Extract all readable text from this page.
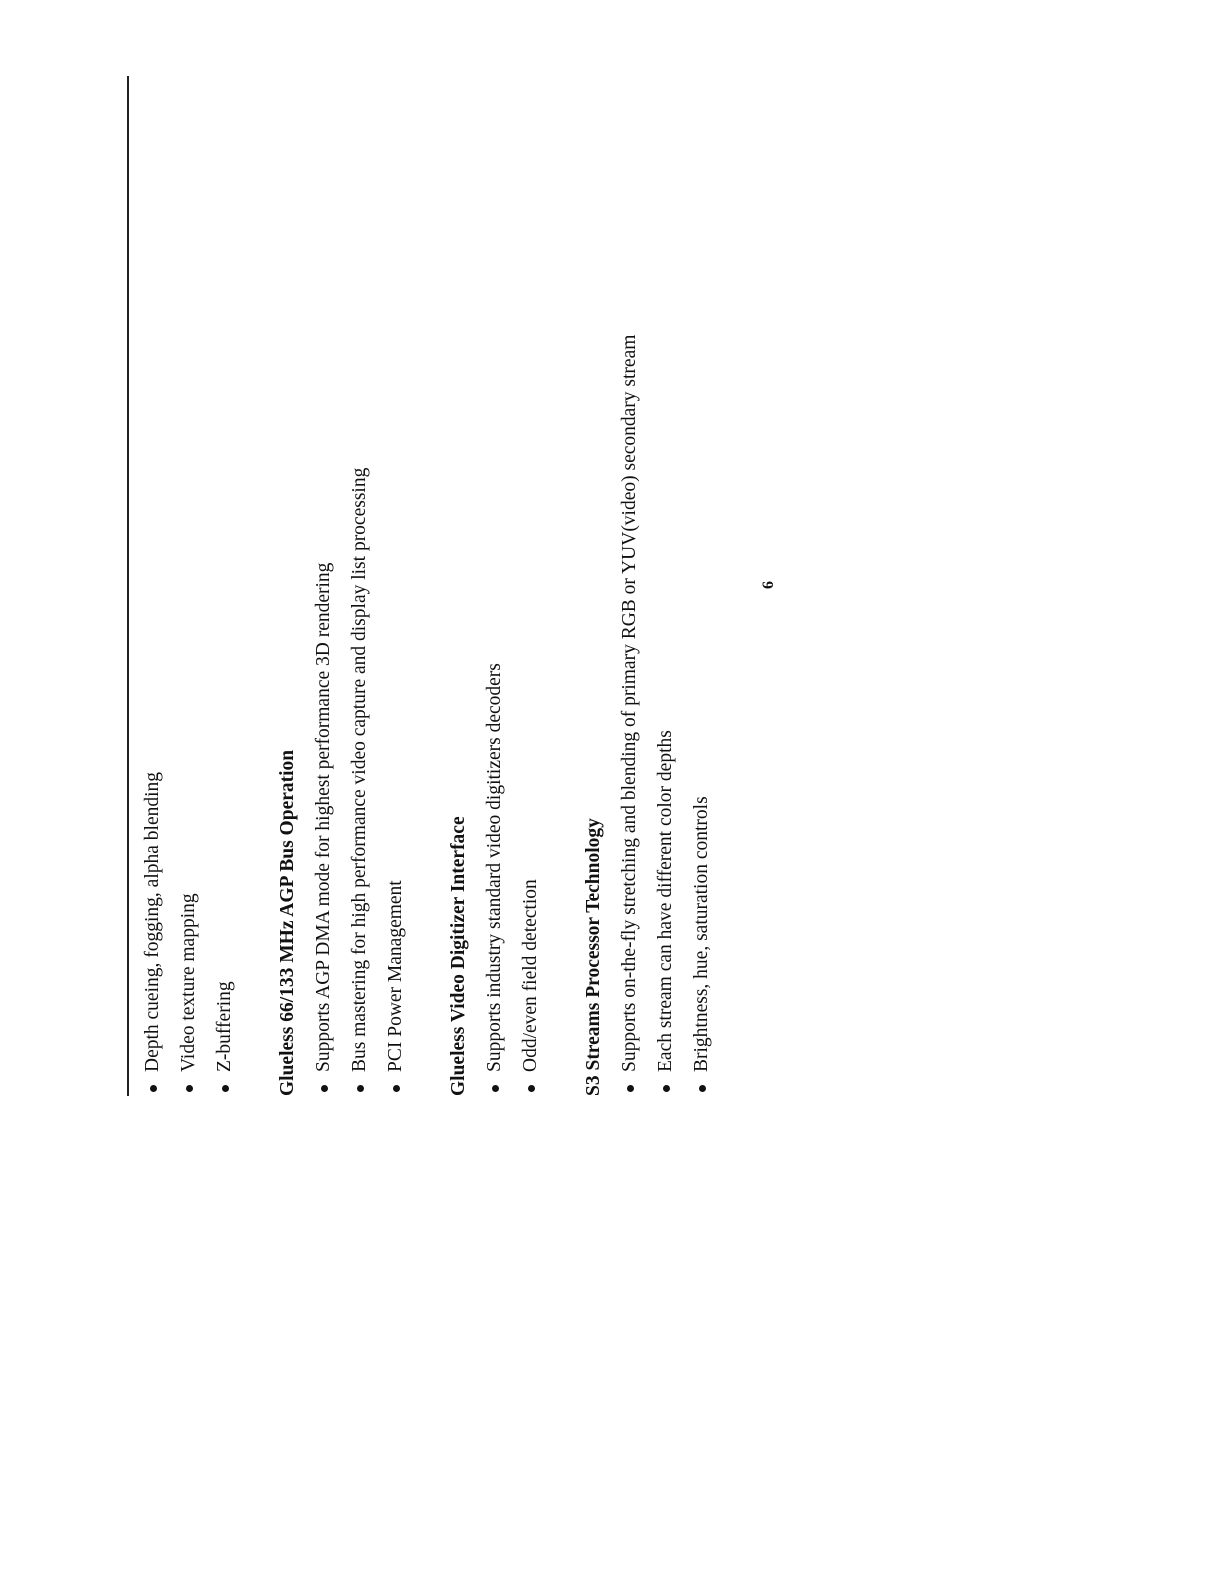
Depth cueing, fogging, alpha blending Video texture mapping Z-buffering	Glueless 66/133 MHz AGP Bus Operation Supports AGP DMA mode for highest performance 3D rendering Bus mastering for high performance video capture and display list processing PCI Power Management	Glueless Video Digitizer Interface Supports industry standard video digitizers decoders Odd/even field detection	S3 Streams Processor Technology Supports on-the-fly stretching and blending of primary RGB or YUV(video) secondary stream Each stream can have different color depths Brightness, hue, saturation controls
6
